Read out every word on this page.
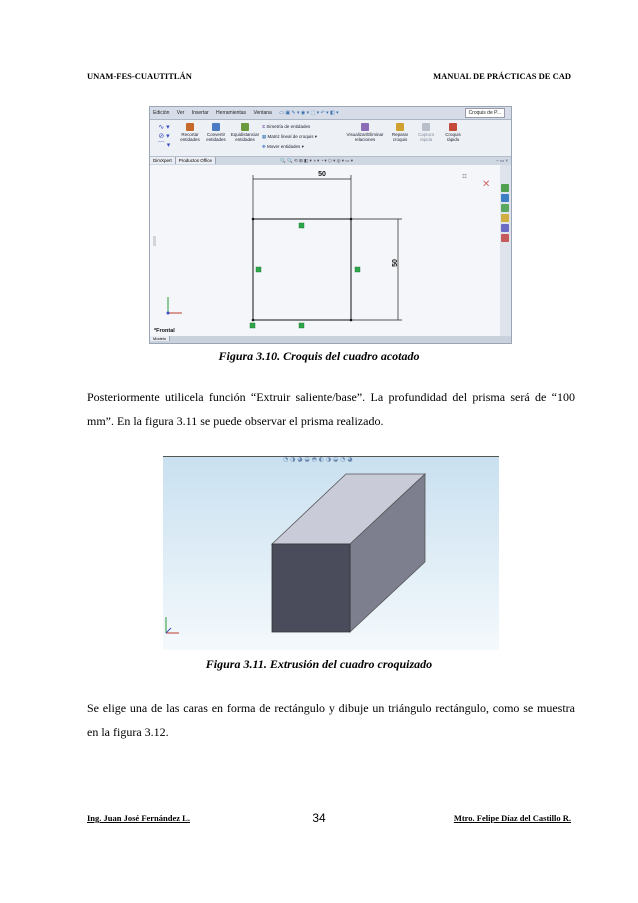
UNAM-FES-CUAUTITLÁN	MANUAL DE PRÁCTICAS DE CAD
Edición Ver Insertar Herramientas Ventana ▭ ▣ ✎ ▾ ◉ ▾ ⬚ ▾ ↶ ▾ ◧ ▾	Croquis de P...
∿ ▾
⊘ ▾
⌒ ▾
Recortar entidades
Convertir entidades
Equidistanciar entidades
⧖ Simetría de entidades
▦ Matriz lineal de croquis ▾
✥ Mover entidades ▾
Visualizar/Eliminar relaciones
Reparar croquis
Captura rápida
Croquis rápido
DimXpert Productos Office	🔍 🔍 ⟲ ⊞ ◧ ▾ ◑ ▾ ◔ ▾ ⬡ ▾ ◎ ▾ ▭ ▾	− ▭ ×
50
50
*Frontal
⌗
✕
Modelo
Figura 3.10. Croquis del cuadro acotado
Posteriormente utilicela función “Extruir saliente/base”. La profundidad del prisma será de “100 mm”. En la figura 3.11 se puede observar el prisma realizado.
◔ ◑ ◕ ◒ ◓ ◐ ◑ ◒ ◔ ◕
Figura 3.11. Extrusión del cuadro croquizado
Se elige una de las caras en forma de rectángulo y dibuje un triángulo rectángulo, como se muestra en la figura 3.12.
Ing. Juan José Fernández L.	34	Mtro. Felipe Díaz del Castillo R.
